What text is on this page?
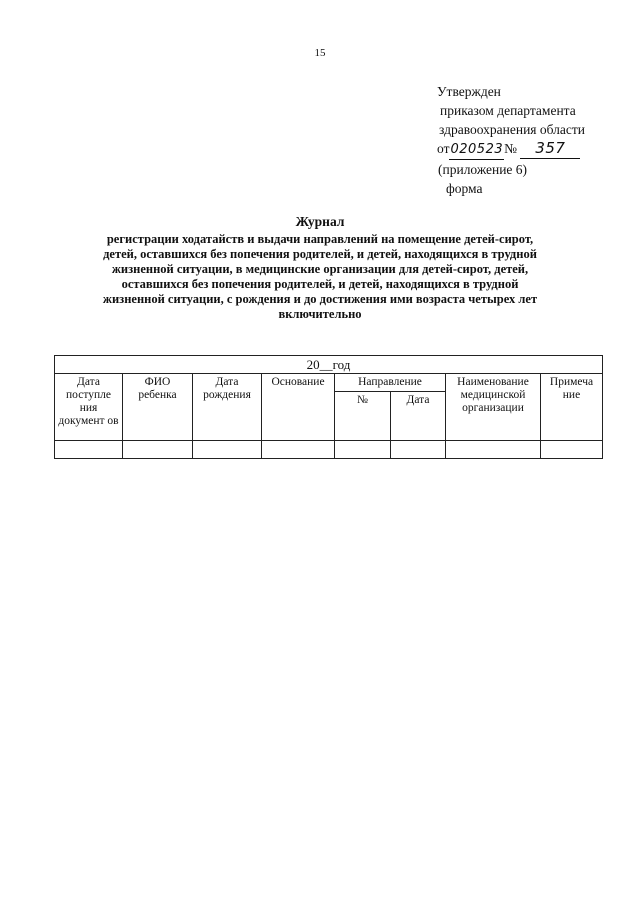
15
Утвержден
приказом департамента
здравоохранения области
от020523№ 357
(приложение 6)
форма
Журнал
регистрации ходатайств и выдачи направлений на помещение детей-сирот,
детей, оставшихся без попечения родителей, и детей, находящихся в трудной
жизненной ситуации, в медицинские организации для детей-сирот, детей,
оставшихся без попечения родителей, и детей, находящихся в трудной
жизненной ситуации, с рождения и до достижения ими возраста четырех лет
включительно
20__год							
Дата поступле ния документ ов	ФИО ребенка	Дата рождения	Основание	Направление		Наименование медицинской организации	Примеча ние
				№	Дата		
